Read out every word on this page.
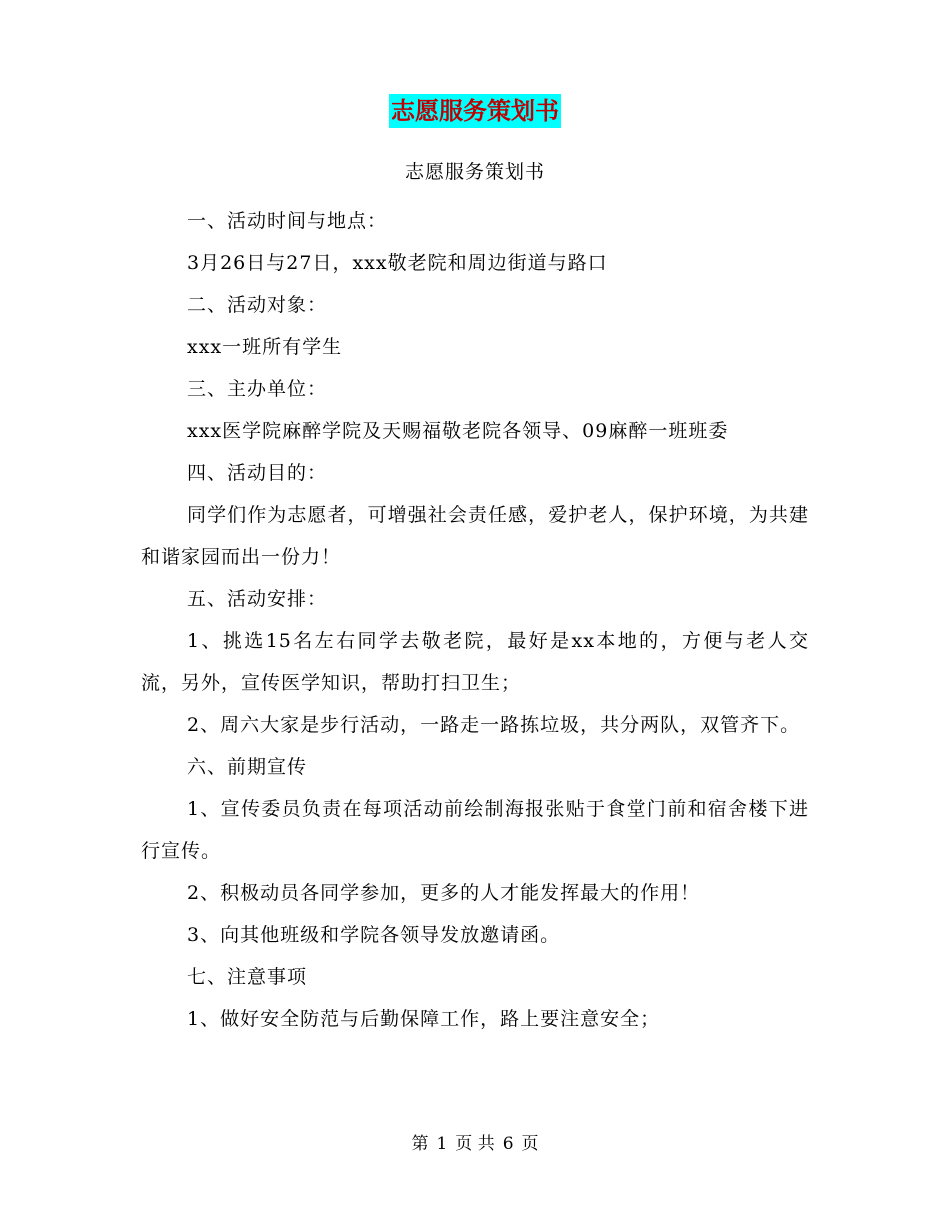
志愿服务策划书
志愿服务策划书

一、活动时间与地点：

3月26日与27日，xxx敬老院和周边街道与路口

二、活动对象：

xxx一班所有学生

三、主办单位：

xxx医学院麻醉学院及天赐福敬老院各领导、09麻醉一班班委

四、活动目的：

同学们作为志愿者，可增强社会责任感，爱护老人，保护环境，为共建和谐家园而出一份力！

五、活动安排：

1、挑选15名左右同学去敬老院，最好是xx本地的，方便与老人交流，另外，宣传医学知识，帮助打扫卫生；

2、周六大家是步行活动，一路走一路拣垃圾，共分两队，双管齐下。

六、前期宣传

1、宣传委员负责在每项活动前绘制海报张贴于食堂门前和宿舍楼下进行宣传。

2、积极动员各同学参加，更多的人才能发挥最大的作用！

3、向其他班级和学院各领导发放邀请函。

七、注意事项

1、做好安全防范与后勤保障工作，路上要注意安全；

第 1 页 共 6 页
